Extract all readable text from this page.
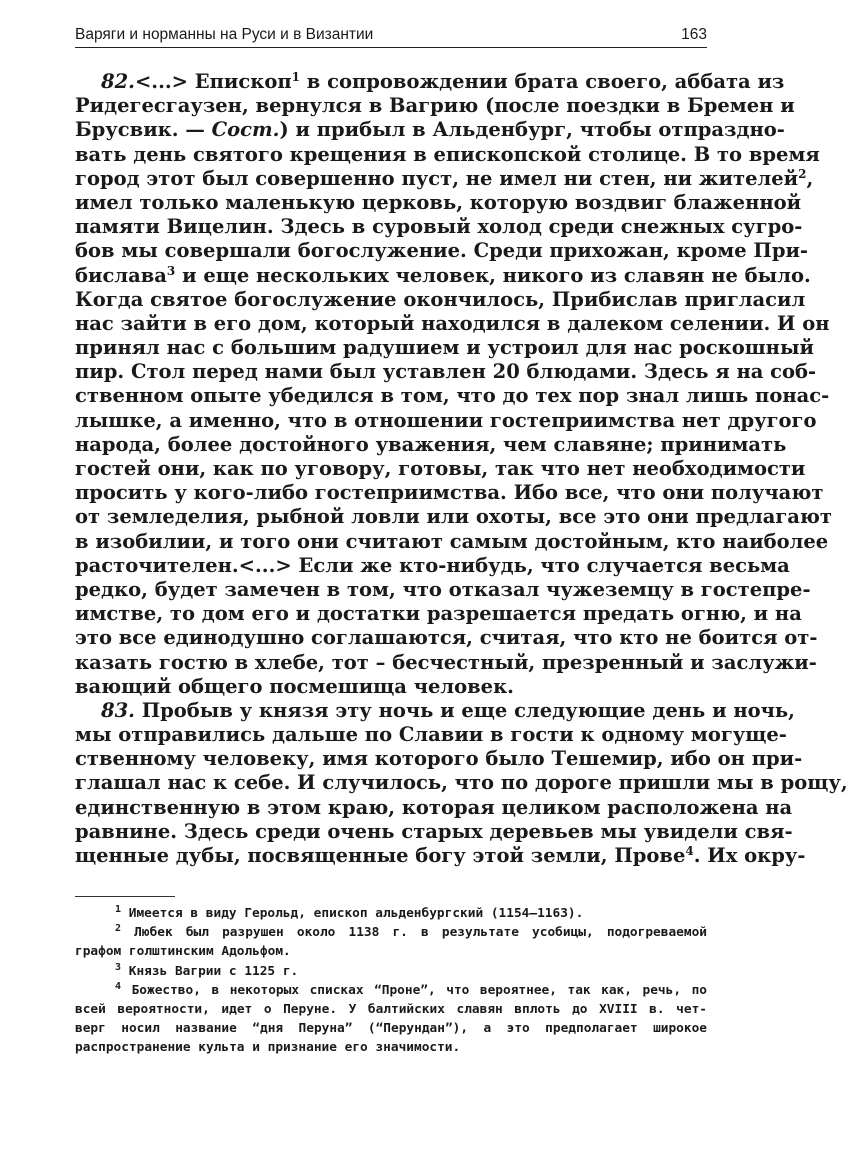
Варяги и норманны на Руси и в Византии	163
82.<...> Епископ$^1$ в сопровождении брата своего, аббата из
Ридегесгаузен, вернулся в Вагрию (после поездки в Бремен и
Брусвик. — Сост.) и прибыл в Альденбург, чтобы отпраздно-
вать день святого крещения в епископской столице. В то время
город этот был совершенно пуст, не имел ни стен, ни жителей$^2$,
имел только маленькую церковь, которую воздвиг блаженной
памяти Вицелин. Здесь в суровый холод среди снежных сугро-
бов мы совершали богослужение. Среди прихожан, кроме При-
бислава$^3$ и еще нескольких человек, никого из славян не было.
Когда святое богослужение окончилось, Прибислав пригласил
нас зайти в его дом, который находился в далеком селении. И он
принял нас с большим радушием и устроил для нас роскошный
пир. Стол перед нами был уставлен 20 блюдами. Здесь я на соб-
ственном опыте убедился в том, что до тех пор знал лишь понас-
лышке, а именно, что в отношении гостеприимства нет другого
народа, более достойного уважения, чем славяне; принимать
гостей они, как по уговору, готовы, так что нет необходимости
просить у кого-либо гостеприимства. Ибо все, что они получают
от земледелия, рыбной ловли или охоты, все это они предлагают
в изобилии, и того они считают самым достойным, кто наиболее
расточителен.<...> Если же кто-нибудь, что случается весьма
редко, будет замечен в том, что отказал чужеземцу в гостепре-
имстве, то дом его и достатки разрешается предать огню, и на
это все единодушно соглашаются, считая, что кто не боится от-
казать гостю в хлебе, тот – бесчестный, презренный и заслужи-
вающий общего посмешища человек.
83. Пробыв у князя эту ночь и еще следующие день и ночь,
мы отправились дальше по Славии в гости к одному могуще-
ственному человеку, имя которого было Тешемир, ибо он при-
глашал нас к себе. И случилось, что по дороге пришли мы в рощу,
единственную в этом краю, которая целиком расположена на
равнине. Здесь среди очень старых деревьев мы увидели свя-
щенные дубы, посвященные богу этой земли, Прове$^4$. Их окру-
$^1$ Имеется в виду Герольд, епископ альденбургский (1154—1163).
$^2$ Любек был разрушен около 1138 г. в результате усобицы, подогреваемой
графом голштинским Адольфом.
$^3$ Князь Вагрии с 1125 г.
$^4$ Божество, в некоторых списках “Проне”, что вероятнее, так как, речь, по
всей вероятности, идет о Перуне. У балтийских славян вплоть до XVIII в. чет-
верг носил название “дня Перуна” (“Перундан”), а это предполагает широкое
распространение культа и признание его значимости.
